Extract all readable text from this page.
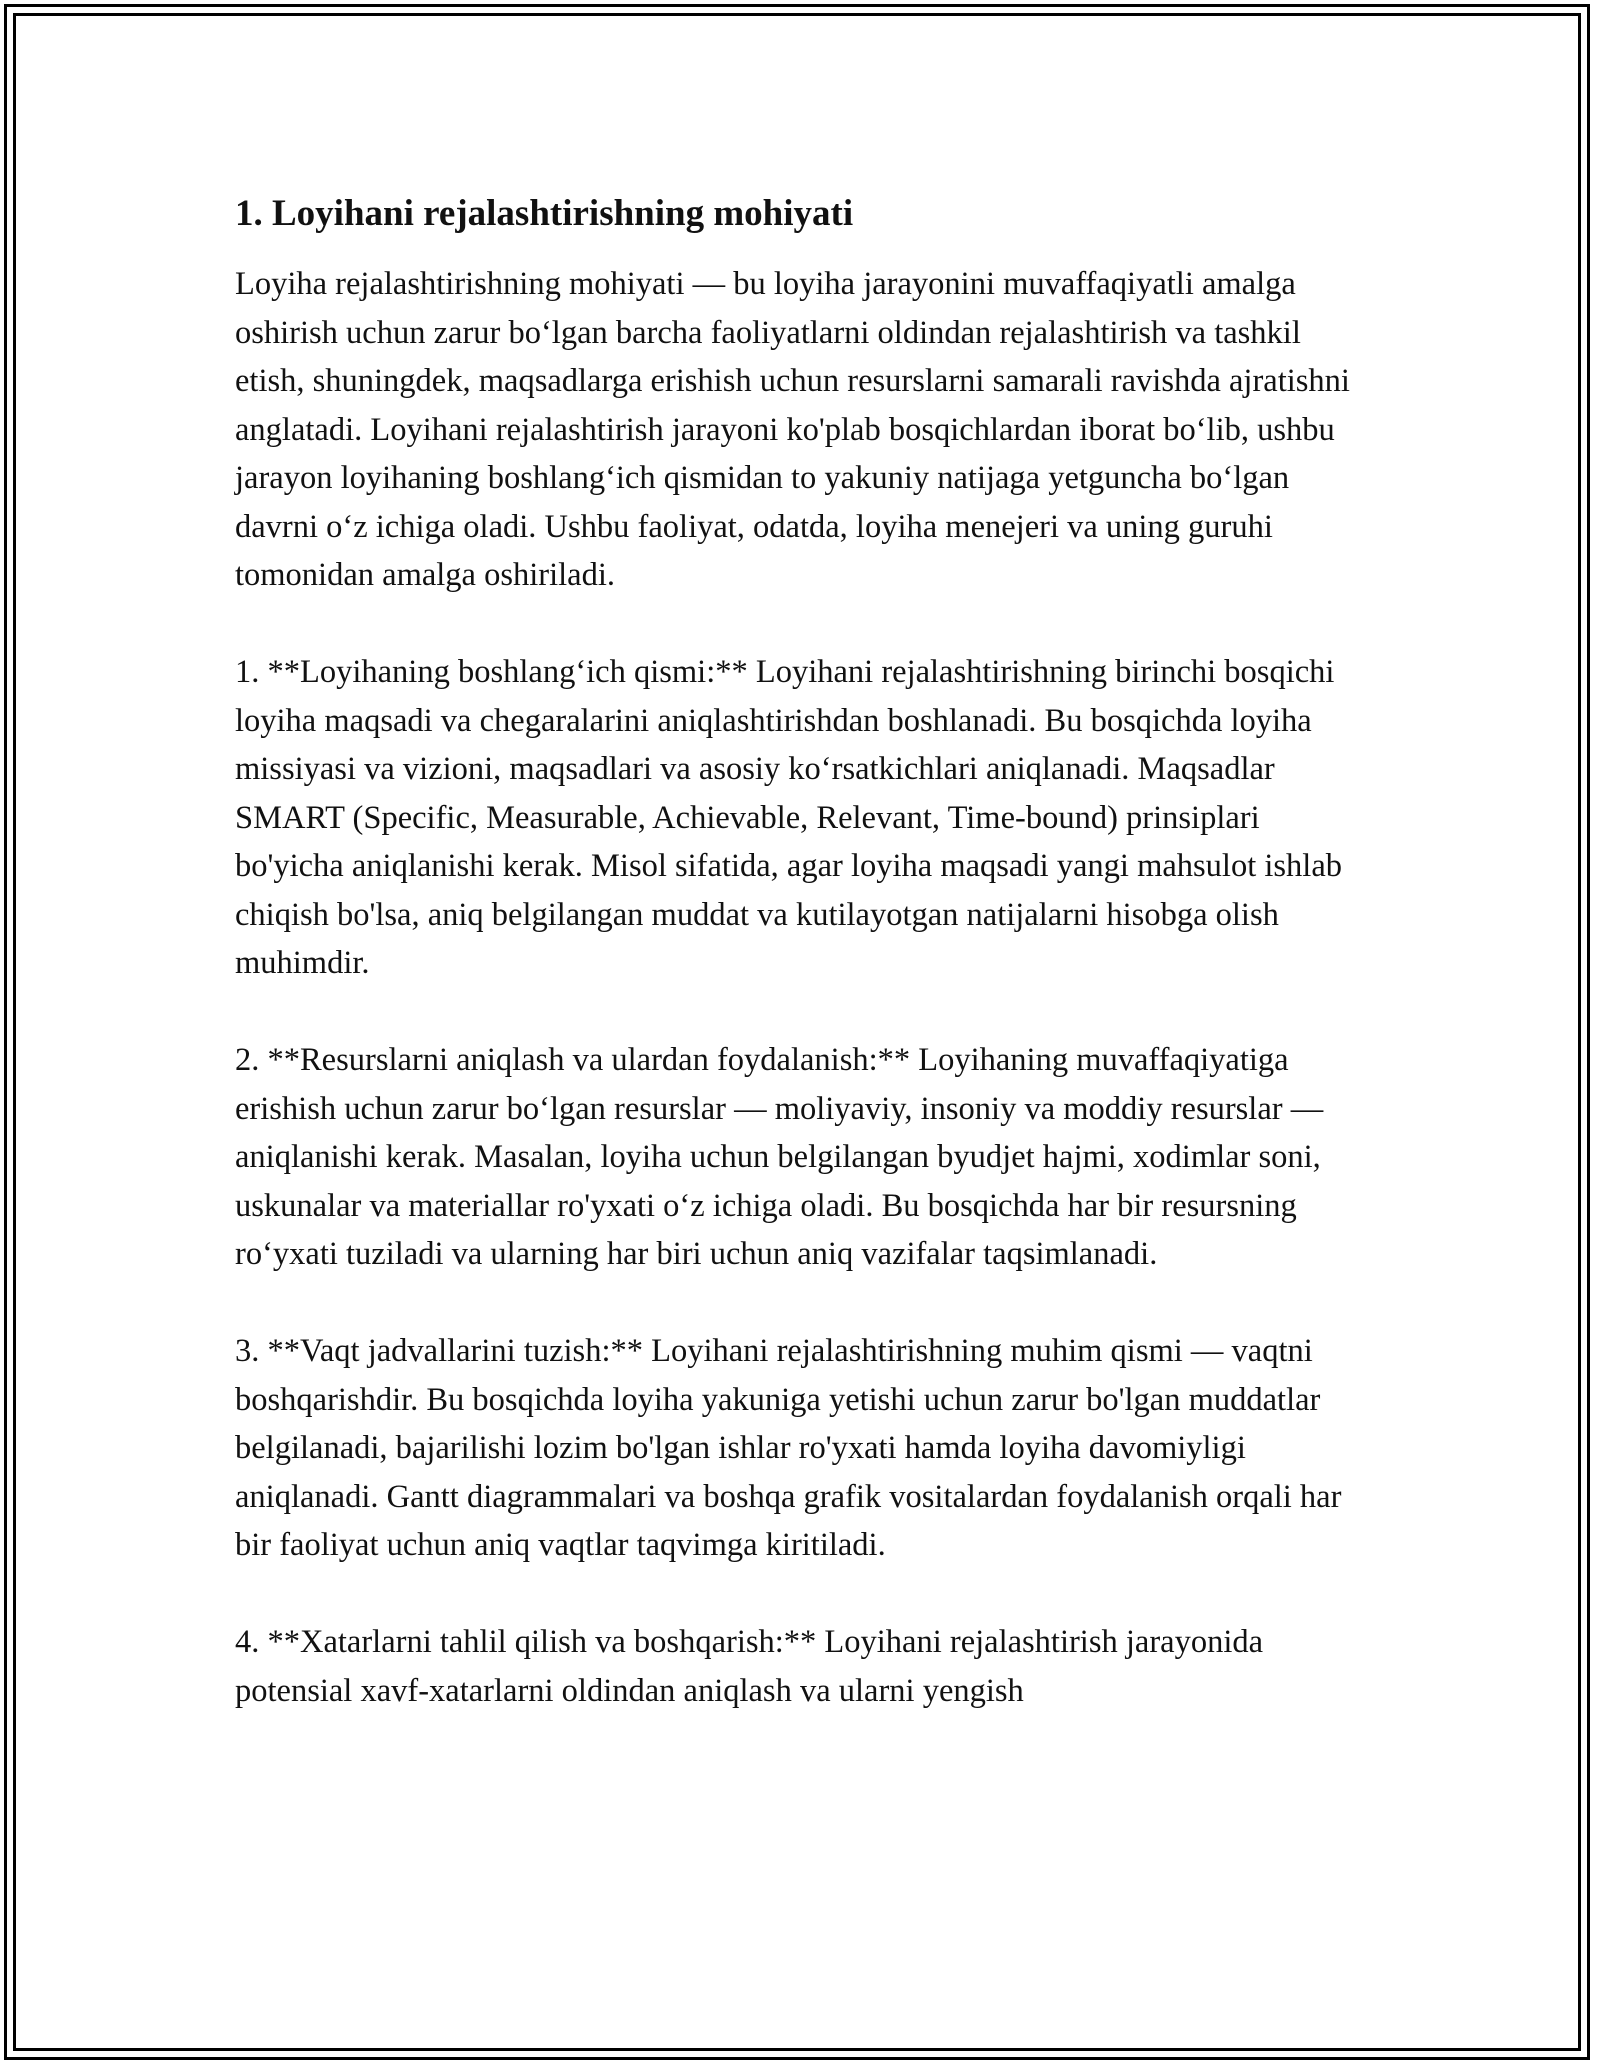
1. Loyihani rejalashtirishning mohiyati

Loyiha rejalashtirishning mohiyati — bu loyiha jarayonini muvaffaqiyatli amalga oshirish uchun zarur bo‘lgan barcha faoliyatlarni oldindan rejalashtirish va tashkil etish, shuningdek, maqsadlarga erishish uchun resurslarni samarali ravishda ajratishni anglatadi. Loyihani rejalashtirish jarayoni ko'plab bosqichlardan iborat bo‘lib, ushbu jarayon loyihaning boshlang‘ich qismidan to yakuniy natijaga yetguncha bo‘lgan davrni o‘z ichiga oladi. Ushbu faoliyat, odatda, loyiha menejeri va uning guruhi tomonidan amalga oshiriladi.

1. **Loyihaning boshlang‘ich qismi:** Loyihani rejalashtirishning birinchi bosqichi loyiha maqsadi va chegaralarini aniqlashtirishdan boshlanadi. Bu bosqichda loyiha missiyasi va vizioni, maqsadlari va asosiy ko‘rsatkichlari aniqlanadi. Maqsadlar SMART (Specific, Measurable, Achievable, Relevant, Time-bound) prinsiplari bo'yicha aniqlanishi kerak. Misol sifatida, agar loyiha maqsadi yangi mahsulot ishlab chiqish bo'lsa, aniq belgilangan muddat va kutilayotgan natijalarni hisobga olish muhimdir.

2. **Resurslarni aniqlash va ulardan foydalanish:** Loyihaning muvaffaqiyatiga erishish uchun zarur bo‘lgan resurslar — moliyaviy, insoniy va moddiy resurslar — aniqlanishi kerak. Masalan, loyiha uchun belgilangan byudjet hajmi, xodimlar soni, uskunalar va materiallar ro'yxati o‘z ichiga oladi. Bu bosqichda har bir resursning ro‘yxati tuziladi va ularning har biri uchun aniq vazifalar taqsimlanadi.

3. **Vaqt jadvallarini tuzish:** Loyihani rejalashtirishning muhim qismi — vaqtni boshqarishdir. Bu bosqichda loyiha yakuniga yetishi uchun zarur bo'lgan muddatlar belgilanadi, bajarilishi lozim bo'lgan ishlar ro'yxati hamda loyiha davomiyligi aniqlanadi. Gantt diagrammalari va boshqa grafik vositalardan foydalanish orqali har bir faoliyat uchun aniq vaqtlar taqvimga kiritiladi.

4. **Xatarlarni tahlil qilish va boshqarish:** Loyihani rejalashtirish jarayonida potensial xavf-xatarlarni oldindan aniqlash va ularni yengish
